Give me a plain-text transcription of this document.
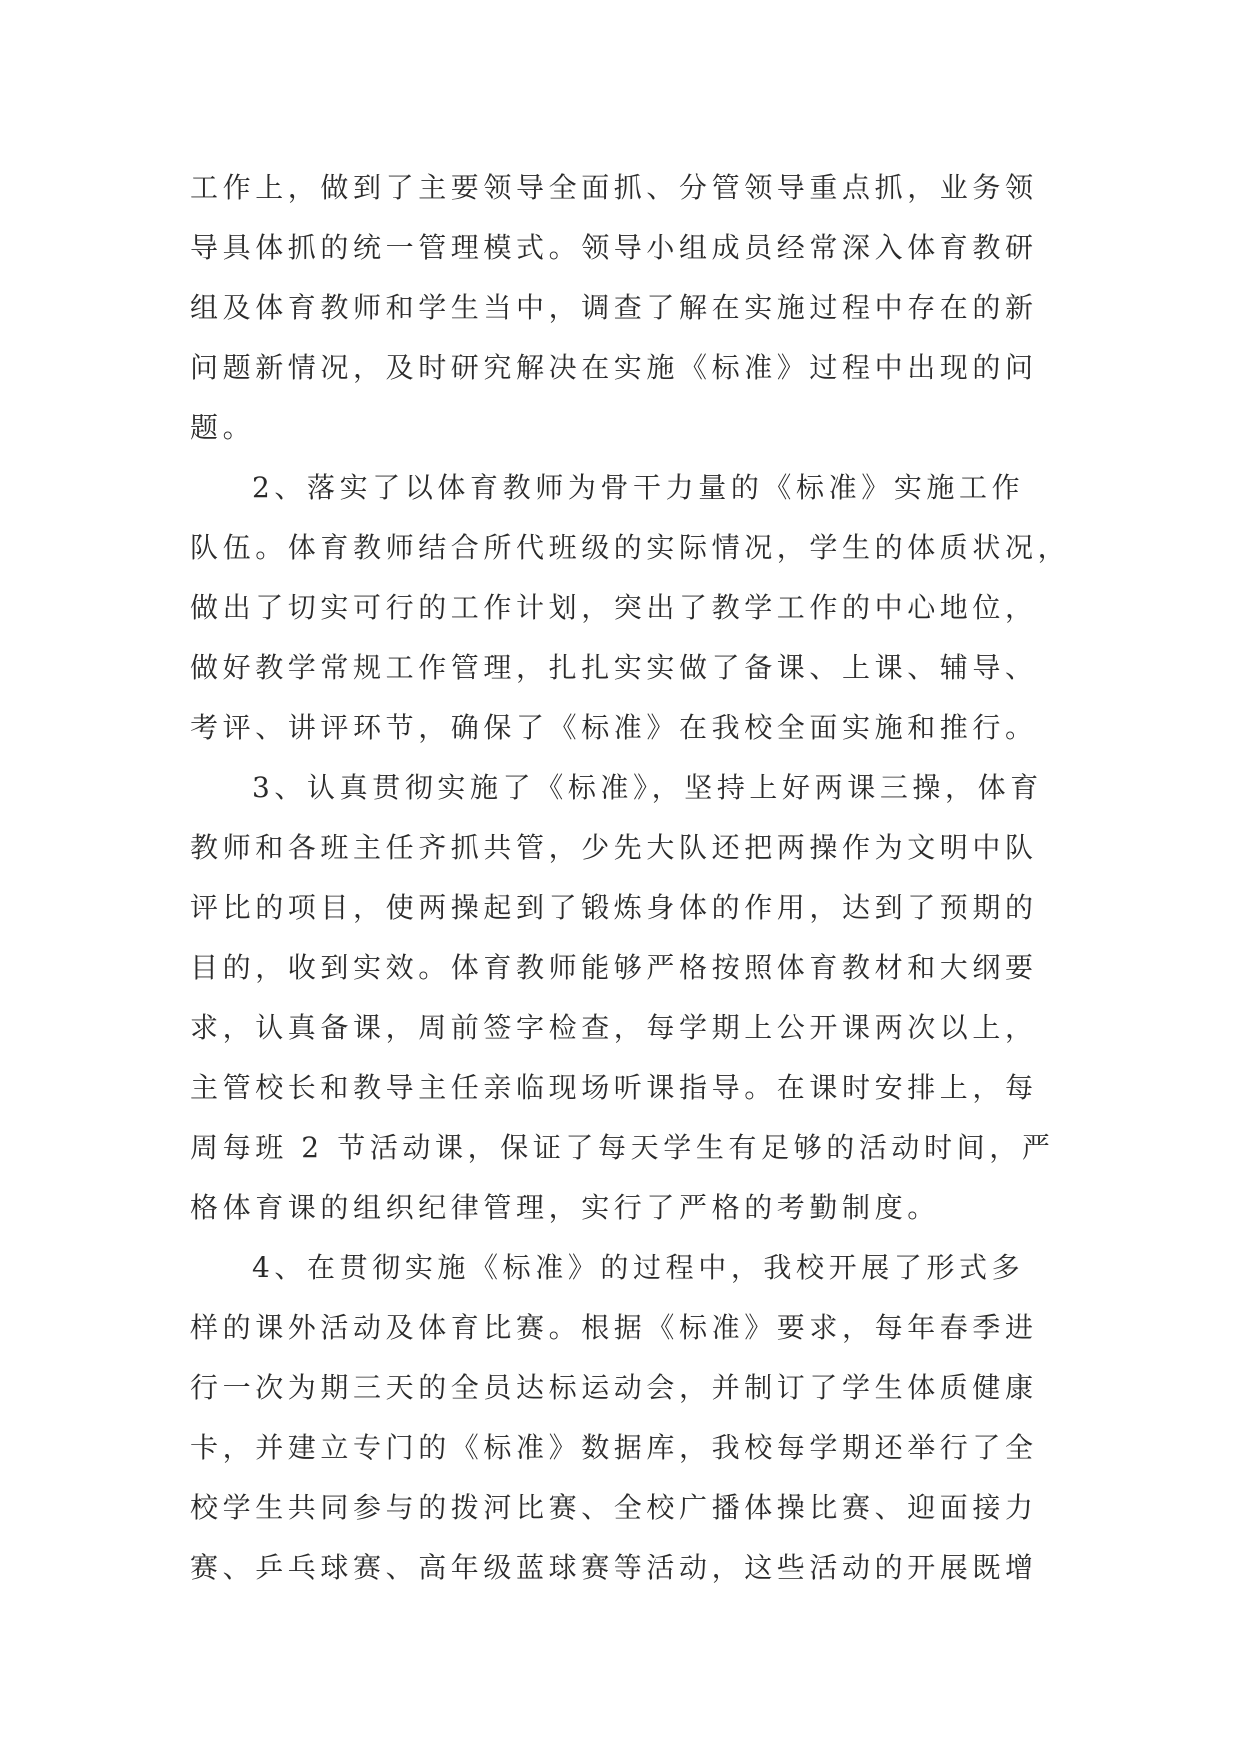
工作上，做到了主要领导全面抓、分管领导重点抓，业务领
导具体抓的统一管理模式。领导小组成员经常深入体育教研
组及体育教师和学生当中，调查了解在实施过程中存在的新
问题新情况，及时研究解决在实施《标准》过程中出现的问
题。
2、落实了以体育教师为骨干力量的《标准》实施工作
队伍。体育教师结合所代班级的实际情况，学生的体质状况，
做出了切实可行的工作计划，突出了教学工作的中心地位，
做好教学常规工作管理，扎扎实实做了备课、上课、辅导、
考评、讲评环节，确保了《标准》在我校全面实施和推行。
3、认真贯彻实施了《标准》，坚持上好两课三操，体育
教师和各班主任齐抓共管，少先大队还把两操作为文明中队
评比的项目，使两操起到了锻炼身体的作用，达到了预期的
目的，收到实效。体育教师能够严格按照体育教材和大纲要
求，认真备课，周前签字检查，每学期上公开课两次以上，
主管校长和教导主任亲临现场听课指导。在课时安排上，每
周每班 2 节活动课，保证了每天学生有足够的活动时间，严
格体育课的组织纪律管理，实行了严格的考勤制度。
4、在贯彻实施《标准》的过程中，我校开展了形式多
样的课外活动及体育比赛。根据《标准》要求，每年春季进
行一次为期三天的全员达标运动会，并制订了学生体质健康
卡，并建立专门的《标准》数据库，我校每学期还举行了全
校学生共同参与的拨河比赛、全校广播体操比赛、迎面接力
赛、乒乓球赛、高年级蓝球赛等活动，这些活动的开展既增
